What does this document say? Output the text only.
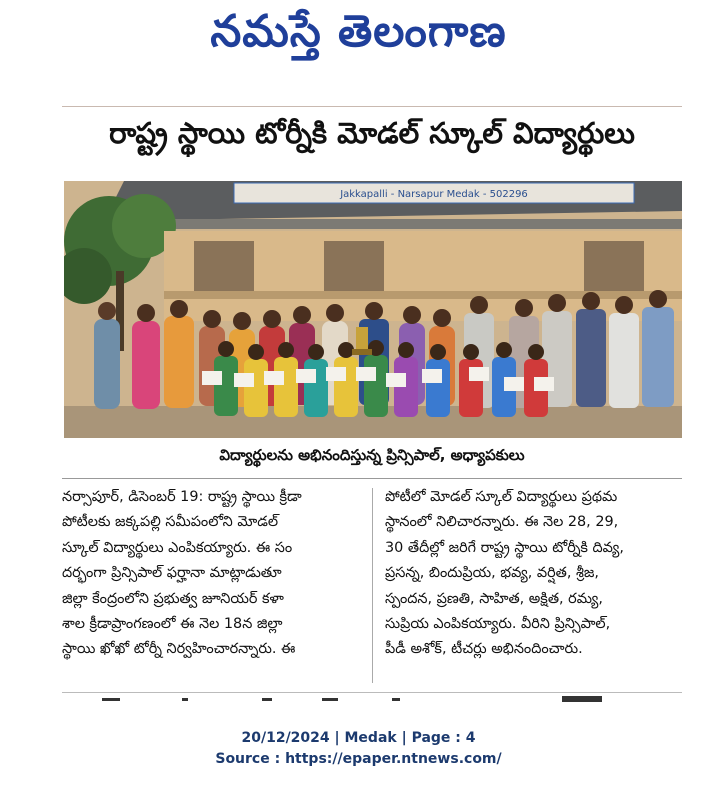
నమస్తే తెలంగాణ
రాష్ట్ర స్థాయి టోర్నీకి మోడల్ స్కూల్ విద్యార్థులు
Jakkapalli - Narsapur Medak - 502296
విద్యార్థులను అభినందిస్తున్న ప్రిన్సిపాల్, అధ్యాపకులు
నర్సాపూర్, డిసెంబర్ 19: రాష్ట్ర స్థాయి క్రీడా
పోటీలకు జక్కపల్లి సమీపంలోని మోడల్
స్కూల్ విద్యార్థులు ఎంపికయ్యారు. ఈ సం
దర్భంగా ప్రిన్సిపాల్ ఫర్హానా మాట్లాడుతూ
జిల్లా కేంద్రంలోని ప్రభుత్వ జూనియర్ కళా
శాల క్రీడాప్రాంగణంలో ఈ నెల 18న జిల్లా
స్థాయి ఖోఖో టోర్నీ నిర్వహించారన్నారు. ఈ
పోటీలో మోడల్ స్కూల్ విద్యార్థులు ప్రథమ
స్థానంలో నిలిచారన్నారు. ఈ నెల 28, 29,
30 తేదీల్లో జరిగే రాష్ట్ర స్థాయి టోర్నీకి దివ్య,
ప్రసన్న, బిందుప్రియ, భవ్య, వర్షిత, శ్రీజ,
స్పందన, ప్రణతి, సాహిత, అక్షిత, రమ్య,
సుప్రియ ఎంపికయ్యారు. వీరిని ప్రిన్సిపాల్,
పీడీ అశోక్, టీచర్లు అభినందించారు.
20/12/2024 | Medak | Page : 4
Source : https://epaper.ntnews.com/
